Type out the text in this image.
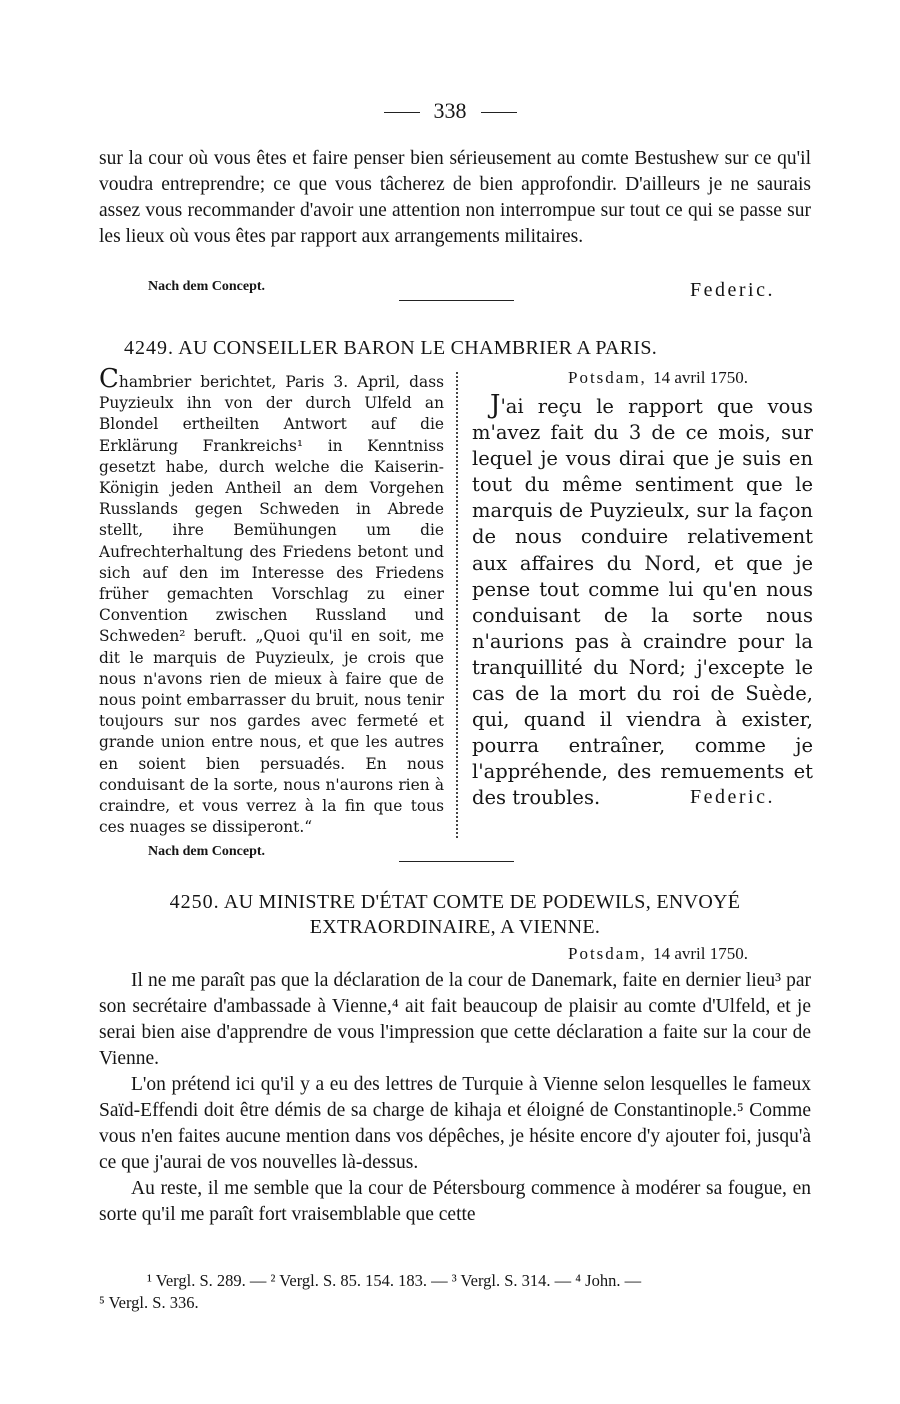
338

sur la cour où vous êtes et faire penser bien sérieusement au comte Bestushew sur ce qu'il voudra entreprendre; ce que vous tâcherez de bien approfondir. D'ailleurs je ne saurais assez vous recommander d'avoir une attention non interrompue sur tout ce qui se passe sur les lieux où vous êtes par rapport aux arrangements militaires.

Nach dem Concept.	Federic.
4249. AU CONSEILLER BARON LE CHAMBRIER A PARIS.
Chambrier berichtet, Paris 3. April, dass Puyzieulx ihn von der durch Ulfeld an Blondel ertheilten Antwort auf die Erklärung Frankreichs¹ in Kenntniss gesetzt habe, durch welche die Kaiserin-Königin jeden Antheil an dem Vorgehen Russlands gegen Schweden in Abrede stellt, ihre Bemühungen um die Aufrechterhaltung des Friedens betont und sich auf den im Interesse des Friedens früher gemachten Vorschlag zu einer Convention zwischen Russland und Schweden² beruft. „Quoi qu'il en soit, me dit le marquis de Puyzieulx, je crois que nous n'avons rien de mieux à faire que de nous point embarrasser du bruit, nous tenir toujours sur nos gardes avec fermeté et grande union entre nous, et que les autres en soient bien persuadés. En nous conduisant de la sorte, nous n'aurons rien à craindre, et vous verrez à la fin que tous ces nuages se dissiperont.“
Potsdam, 14 avril 1750.
J'ai reçu le rapport que vous m'avez fait du 3 de ce mois, sur lequel je vous dirai que je suis en tout du même sentiment que le marquis de Puyzieulx, sur la façon de nous conduire relativement aux affaires du Nord, et que je pense tout comme lui qu'en nous conduisant de la sorte nous n'aurions pas à craindre pour la tranquillité du Nord; j'excepte le cas de la mort du roi de Suède, qui, quand il viendra à exister, pourra entraîner, comme je l'appréhende, des remuements et des troubles.	Federic.
Nach dem Concept.
4250. AU MINISTRE D'ÉTAT COMTE DE PODEWILS, ENVOYÉ
EXTRAORDINAIRE, A VIENNE.
Potsdam, 14 avril 1750.

Il ne me paraît pas que la déclaration de la cour de Danemark, faite en dernier lieu³ par son secrétaire d'ambassade à Vienne,⁴ ait fait beaucoup de plaisir au comte d'Ulfeld, et je serai bien aise d'apprendre de vous l'impression que cette déclaration a faite sur la cour de Vienne.

L'on prétend ici qu'il y a eu des lettres de Turquie à Vienne selon lesquelles le fameux Saïd-Effendi doit être démis de sa charge de kihaja et éloigné de Constantinople.⁵ Comme vous n'en faites aucune mention dans vos dépêches, je hésite encore d'y ajouter foi, jusqu'à ce que j'aurai de vos nouvelles là-dessus.

Au reste, il me semble que la cour de Pétersbourg commence à modérer sa fougue, en sorte qu'il me paraît fort vraisemblable que cette

¹ Vergl. S. 289. — ² Vergl. S. 85. 154. 183. — ³ Vergl. S. 314. — ⁴ John. —
⁵ Vergl. S. 336.
